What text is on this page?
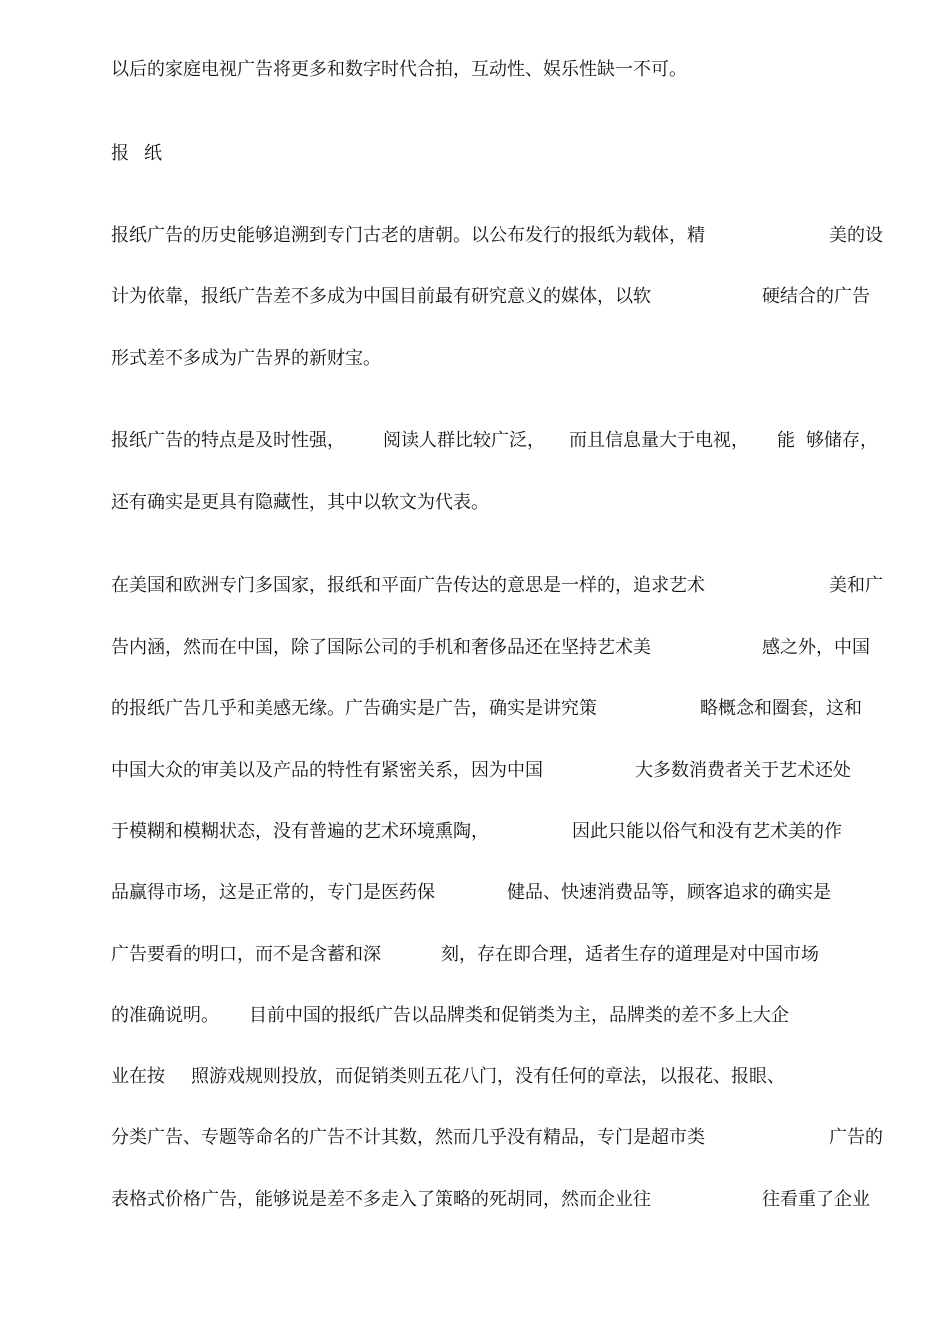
以后的家庭电视广告将更多和数字时代合拍，互动性、娱乐性缺一不可。
报 纸
报纸广告的历史能够追溯到专门古老的唐朝。以公布发行的报纸为载体，精	美的设
计为依靠，报纸广告差不多成为中国目前最有研究意义的媒体，以软	硬结合的广告
形式差不多成为广告界的新财宝。
报纸广告的特点是及时性强， 阅读人群比较广泛， 而且信息量大于电视， 能 够储存，
还有确实是更具有隐藏性，其中以软文为代表。
在美国和欧洲专门多国家，报纸和平面广告传达的意思是一样的，追求艺术	美和广
告内涵，然而在中国，除了国际公司的手机和奢侈品还在坚持艺术美	感之外，中国
的报纸广告几乎和美感无缘。广告确实是广告，确实是讲究策	略概念和圈套，这和
中国大众的审美以及产品的特性有紧密关系，因为中国	大多数消费者关于艺术还处
于模糊和模糊状态，没有普遍的艺术环境熏陶，	因此只能以俗气和没有艺术美的作
品赢得市场，这是正常的，专门是医药保	健品、快速消费品等，顾客追求的确实是
广告要看的明口，而不是含蓄和深	刻，存在即合理，适者生存的道理是对中国市场
的准确说明。 目前中国的报纸广告以品牌类和促销类为主，品牌类的差不多上大企
业在按 照游戏规则投放，而促销类则五花八门，没有任何的章法，以报花、报眼、
分类广告、专题等命名的广告不计其数，然而几乎没有精品，专门是超市类	广告的
表格式价格广告，能够说是差不多走入了策略的死胡同，然而企业往	往看重了企业
